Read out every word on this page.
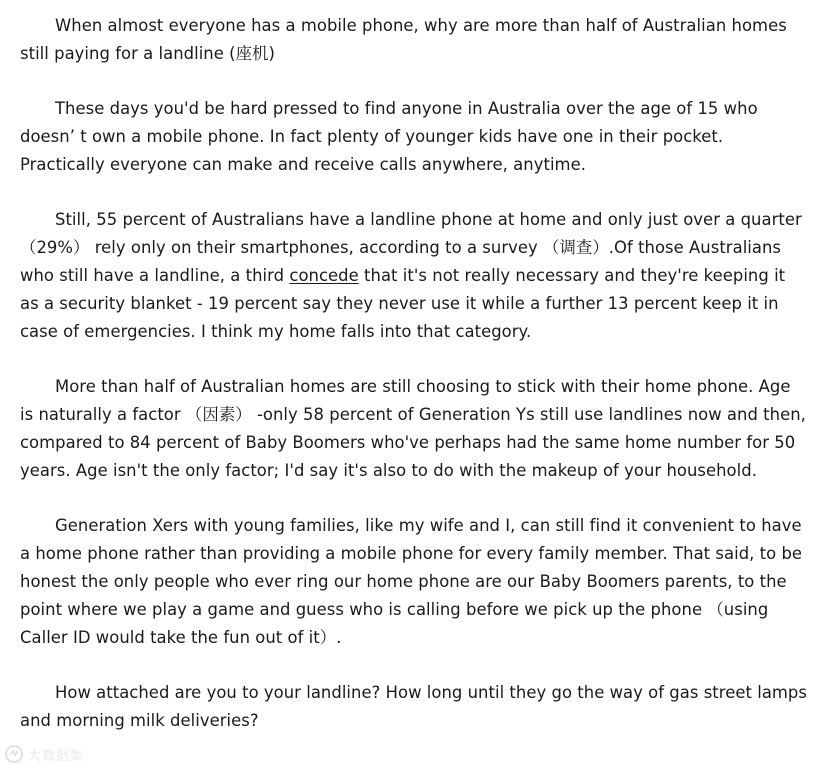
When almost everyone has a mobile phone, why are more than half of Australian homes still paying for a landline (座机)

These days you'd be hard pressed to find anyone in Australia over the age of 15 who doesn’ t own a mobile phone. In fact plenty of younger kids have one in their pocket. Practically everyone can make and receive calls anywhere, anytime.

Still, 55 percent of Australians have a landline phone at home and only just over a quarter （29%） rely only on their smartphones, according to a survey （调查）.Of those Australians who still have a landline, a third concede that it's not really necessary and they're keeping it as a security blanket - 19 percent say they never use it while a further 13 percent keep it in case of emergencies. I think my home falls into that category.

More than half of Australian homes are still choosing to stick with their home phone. Age is naturally a factor （因素） -only 58 percent of Generation Ys still use landlines now and then, compared to 84 percent of Baby Boomers who've perhaps had the same home number for 50 years. Age isn't the only factor; I'd say it's also to do with the makeup of your household.

Generation Xers with young families, like my wife and I, can still find it convenient to have a home phone rather than providing a mobile phone for every family member. That said, to be honest the only people who ever ring our home phone are our Baby Boomers parents, to the point where we play a game and guess who is calling before we pick up the phone （using Caller ID would take the fun out of it）.

How attached are you to your landline? How long until they go the way of gas street lamps and morning milk deliveries?

大数据集
